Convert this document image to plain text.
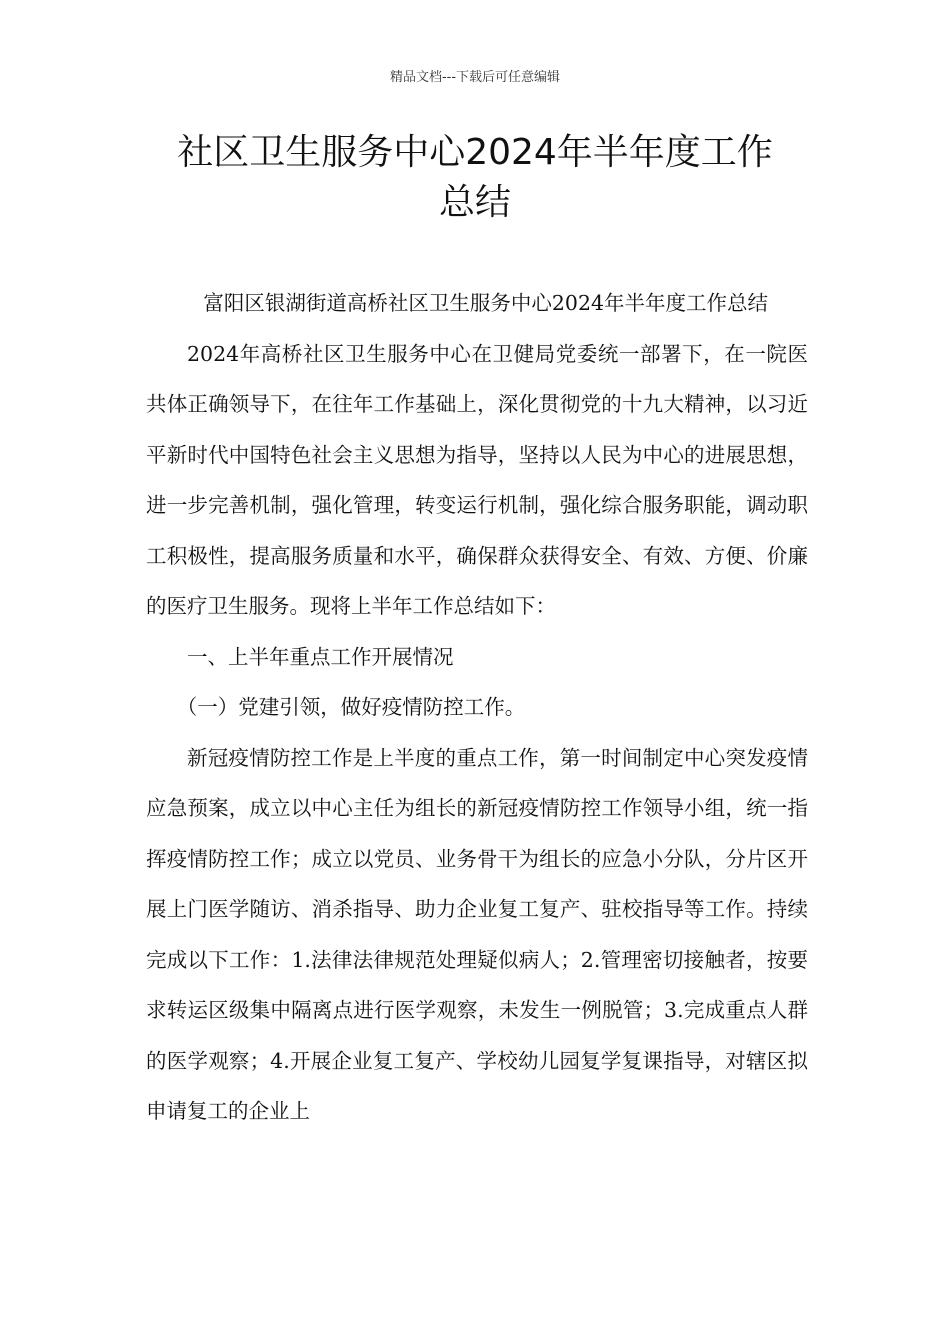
精品文档---下载后可任意编辑
社区卫生服务中心2024年半年度工作
总结

富阳区银湖街道高桥社区卫生服务中心2024年半年度工作总结

2024年高桥社区卫生服务中心在卫健局党委统一部署下，在一院医共体正确领导下，在往年工作基础上，深化贯彻党的十九大精神，以习近平新时代中国特色社会主义思想为指导，坚持以人民为中心的进展思想，进一步完善机制，强化管理，转变运行机制，强化综合服务职能，调动职工积极性，提高服务质量和水平，确保群众获得安全、有效、方便、价廉的医疗卫生服务。现将上半年工作总结如下：

一、上半年重点工作开展情况

（一）党建引领，做好疫情防控工作。

新冠疫情防控工作是上半度的重点工作，第一时间制定中心突发疫情应急预案，成立以中心主任为组长的新冠疫情防控工作领导小组，统一指挥疫情防控工作；成立以党员、业务骨干为组长的应急小分队，分片区开展上门医学随访、消杀指导、助力企业复工复产、驻校指导等工作。持续完成以下工作：1.法律法律规范处理疑似病人；2.管理密切接触者，按要求转运区级集中隔离点进行医学观察，未发生一例脱管；3.完成重点人群的医学观察；4.开展企业复工复产、学校幼儿园复学复课指导，对辖区拟申请复工的企业上
